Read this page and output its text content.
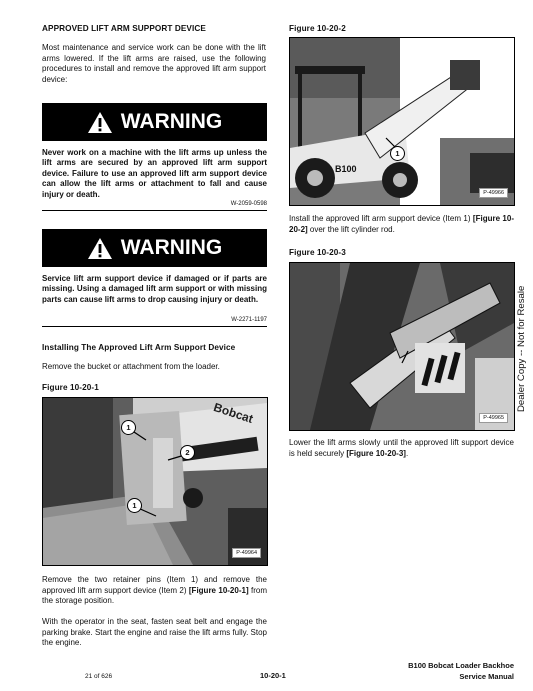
APPROVED LIFT ARM SUPPORT DEVICE
Most maintenance and service work can be done with the lift arms lowered. If the lift arms are raised, use the following procedures to install and remove the approved lift arm support device:
WARNING
Never work on a machine with the lift arms up unless the lift arms are secured by an approved lift arm support device. Failure to use an approved lift arm support device can allow the lift arms or attachment to fall and cause injury or death.
W-2059-0598
WARNING
Service lift arm support device if damaged or if parts are missing. Using a damaged lift arm support or with missing parts can cause lift arms to drop causing injury or death.
W-2271-1197
Installing The Approved Lift Arm Support Device
Remove the bucket or attachment from the loader.
Figure 10-20-1
Bobcat
1
2
1
P-49964
Remove the two retainer pins (Item 1) and remove the approved lift arm support device (Item 2) [Figure 10-20-1] from the storage position.
With the operator in the seat, fasten seat belt and engage the parking brake. Start the engine and raise the lift arms fully. Stop the engine.
Figure 10-20-2
B100
1
P-49966
Install the approved lift arm support device (Item 1) [Figure 10-20-2] over the lift cylinder rod.
Figure 10-20-3
P-49965
Lower the lift arms slowly until the approved lift support device is held securely [Figure 10-20-3].
Dealer Copy -- Not for Resale
21 of 626	10-20-1
B100 Bobcat Loader Backhoe
Service Manual
